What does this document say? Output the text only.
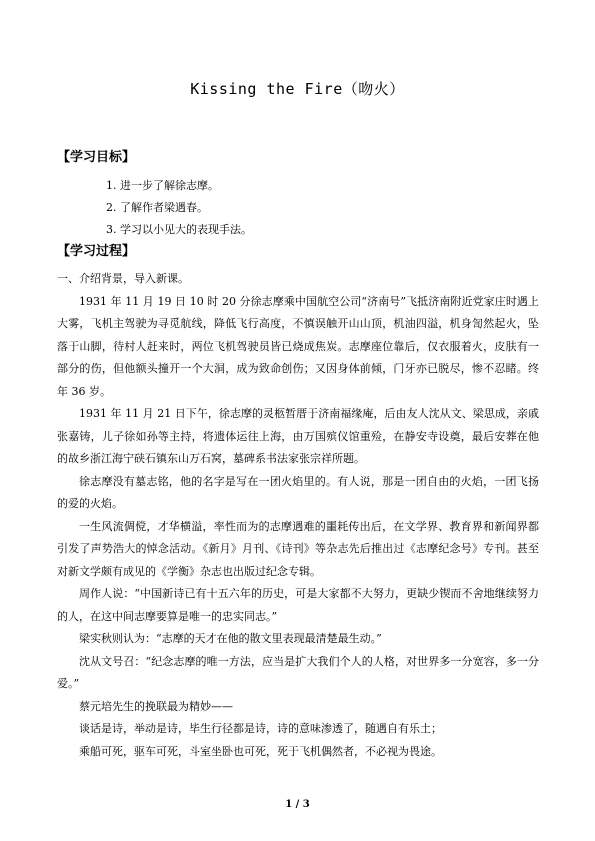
Kissing the Fire（吻火）
【学习目标】
1. 进一步了解徐志摩。
2. 了解作者梁遇春。
3. 学习以小见大的表现手法。
【学习过程】

一、介绍背景，导入新课。

1931 年 11 月 19 日 10 时 20 分徐志摩乘中国航空公司“济南号”飞抵济南附近党家庄时遇上大雾，飞机主驾驶为寻觅航线，降低飞行高度，不慎误触开山山顶，机油四溢，机身訇然起火，坠落于山脚，待村人赶来时，两位飞机驾驶员皆已烧成焦炭。志摩座位靠后，仅衣服着火，皮肤有一部分的伤，但他额头撞开一个大洞，成为致命创伤；又因身体前倾，门牙亦已脱尽，惨不忍睹。终年 36 岁。

1931 年 11 月 21 日下午，徐志摩的灵柩暂厝于济南福缘庵，后由友人沈从文、梁思成，亲戚张嘉铸，儿子徐如孙等主持，将遗体运往上海，由万国殡仪馆重殓，在静安寺设奠，最后安葬在他的故乡浙江海宁硖石镇东山万石窝，墓碑系书法家张宗祥所题。

徐志摩没有墓志铭，他的名字是写在一团火焰里的。有人说，那是一团自由的火焰，一团飞扬的爱的火焰。

一生风流倜傥，才华横溢，率性而为的志摩遇难的噩耗传出后，在文学界、教育界和新闻界都引发了声势浩大的悼念活动。《新月》月刊、《诗刊》等杂志先后推出过《志摩纪念号》专刊。甚至对新文学颇有成见的《学衡》杂志也出版过纪念专辑。

周作人说：“中国新诗已有十五六年的历史，可是大家都不大努力，更缺少锲而不舍地继续努力的人，在这中间志摩要算是唯一的忠实同志。”

梁实秋则认为：“志摩的天才在他的散文里表现最清楚最生动。”

沈从文号召：“纪念志摩的唯一方法，应当是扩大我们个人的人格，对世界多一分宽容，多一分爱。”

蔡元培先生的挽联最为精妙——

谈话是诗，举动是诗，毕生行径都是诗，诗的意味渗透了，随遇自有乐土；

乘船可死，驱车可死，斗室坐卧也可死，死于飞机偶然者，不必视为畏途。

1 / 3
